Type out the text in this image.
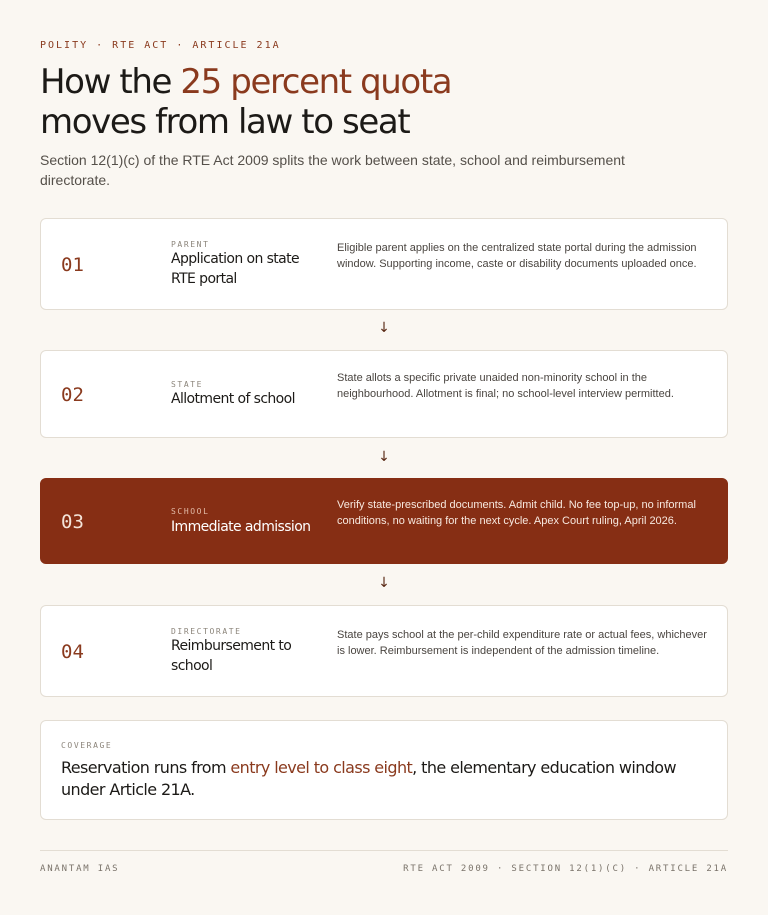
POLITY · RTE ACT · ARTICLE 21A
How the 25 percent quota
moves from law to seat
Section 12(1)(c) of the RTE Act 2009 splits the work between state, school and reimbursement directorate.
01
PARENT
Application on state RTE portal
Eligible parent applies on the centralized state portal during the admission window. Supporting income, caste or disability documents uploaded once.
↓
02	STATE
Allotment of school
State allots a specific private unaided non-minority school in the neighbourhood. Allotment is final; no school-level interview permitted.
↓
03	SCHOOL
Immediate admission
Verify state-prescribed documents. Admit child. No fee top-up, no informal conditions, no waiting for the next cycle. Apex Court ruling, April 2026.
↓
04
DIRECTORATE
Reimbursement to school
State pays school at the per-child expenditure rate or actual fees, whichever is lower. Reimbursement is independent of the admission timeline.
COVERAGE
Reservation runs from entry level to class eight, the elementary education window under Article 21A.
ANANTAM IAS	RTE ACT 2009 · SECTION 12(1)(C) · ARTICLE 21A
